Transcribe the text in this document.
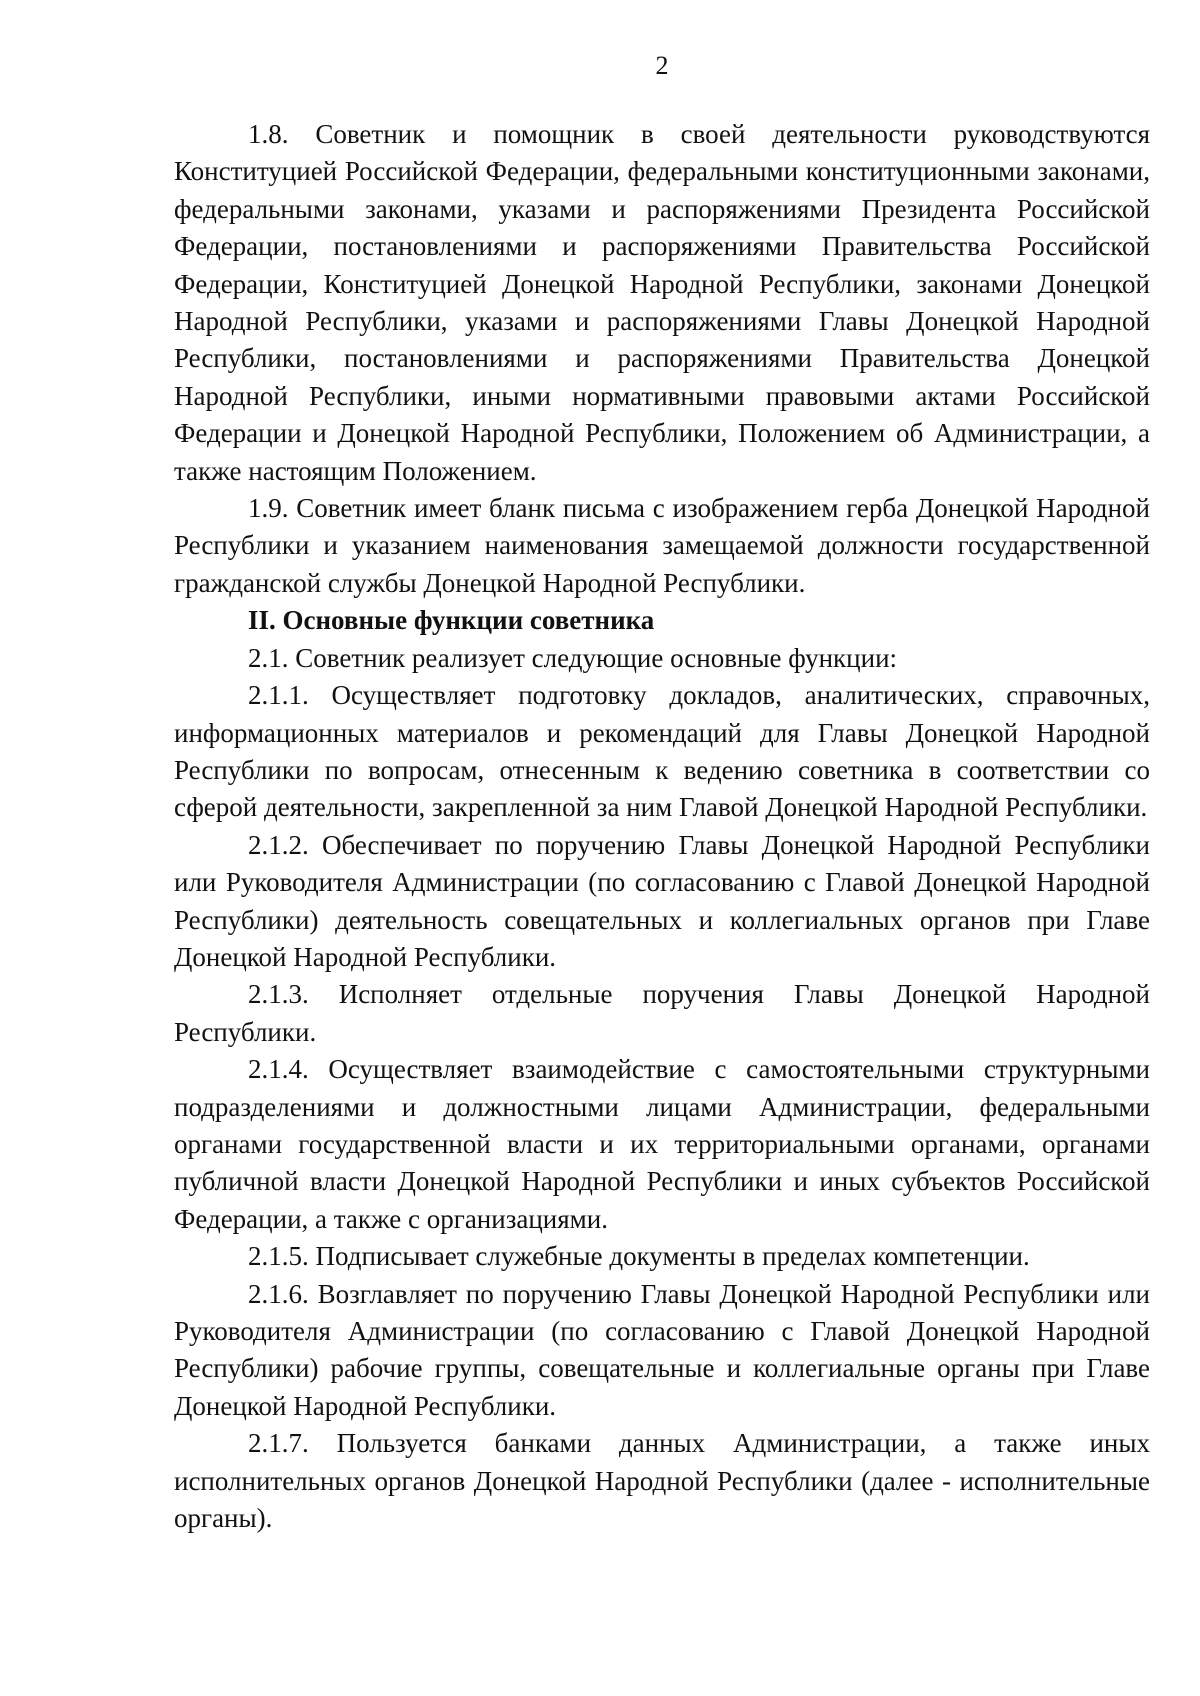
2

1.8. Советник и помощник в своей деятельности руководствуются Конституцией Российской Федерации, федеральными конституционными законами, федеральными законами, указами и распоряжениями Президента Российской Федерации, постановлениями и распоряжениями Правительства Российской Федерации, Конституцией Донецкой Народной Республики, законами Донецкой Народной Республики, указами и распоряжениями Главы Донецкой Народной Республики, постановлениями и распоряжениями Правительства Донецкой Народной Республики, иными нормативными правовыми актами Российской Федерации и Донецкой Народной Республики, Положением об Администрации, а также настоящим Положением.

1.9. Советник имеет бланк письма с изображением герба Донецкой Народной Республики и указанием наименования замещаемой должности государственной гражданской службы Донецкой Народной Республики.

II. Основные функции советника

2.1. Советник реализует следующие основные функции:

2.1.1. Осуществляет подготовку докладов, аналитических, справочных, информационных материалов и рекомендаций для Главы Донецкой Народной Республики по вопросам, отнесенным к ведению советника в соответствии со сферой деятельности, закрепленной за ним Главой Донецкой Народной Республики.

2.1.2. Обеспечивает по поручению Главы Донецкой Народной Республики или Руководителя Администрации (по согласованию с Главой Донецкой Народной Республики) деятельность совещательных и коллегиальных органов при Главе Донецкой Народной Республики.

2.1.3. Исполняет отдельные поручения Главы Донецкой Народной Республики.

2.1.4. Осуществляет взаимодействие с самостоятельными структурными подразделениями и должностными лицами Администрации, федеральными органами государственной власти и их территориальными органами, органами публичной власти Донецкой Народной Республики и иных субъектов Российской Федерации, а также с организациями.

2.1.5. Подписывает служебные документы в пределах компетенции.

2.1.6. Возглавляет по поручению Главы Донецкой Народной Республики или Руководителя Администрации (по согласованию с Главой Донецкой Народной Республики) рабочие группы, совещательные и коллегиальные органы при Главе Донецкой Народной Республики.

2.1.7. Пользуется банками данных Администрации, а также иных исполнительных органов Донецкой Народной Республики (далее - исполнительные органы).
